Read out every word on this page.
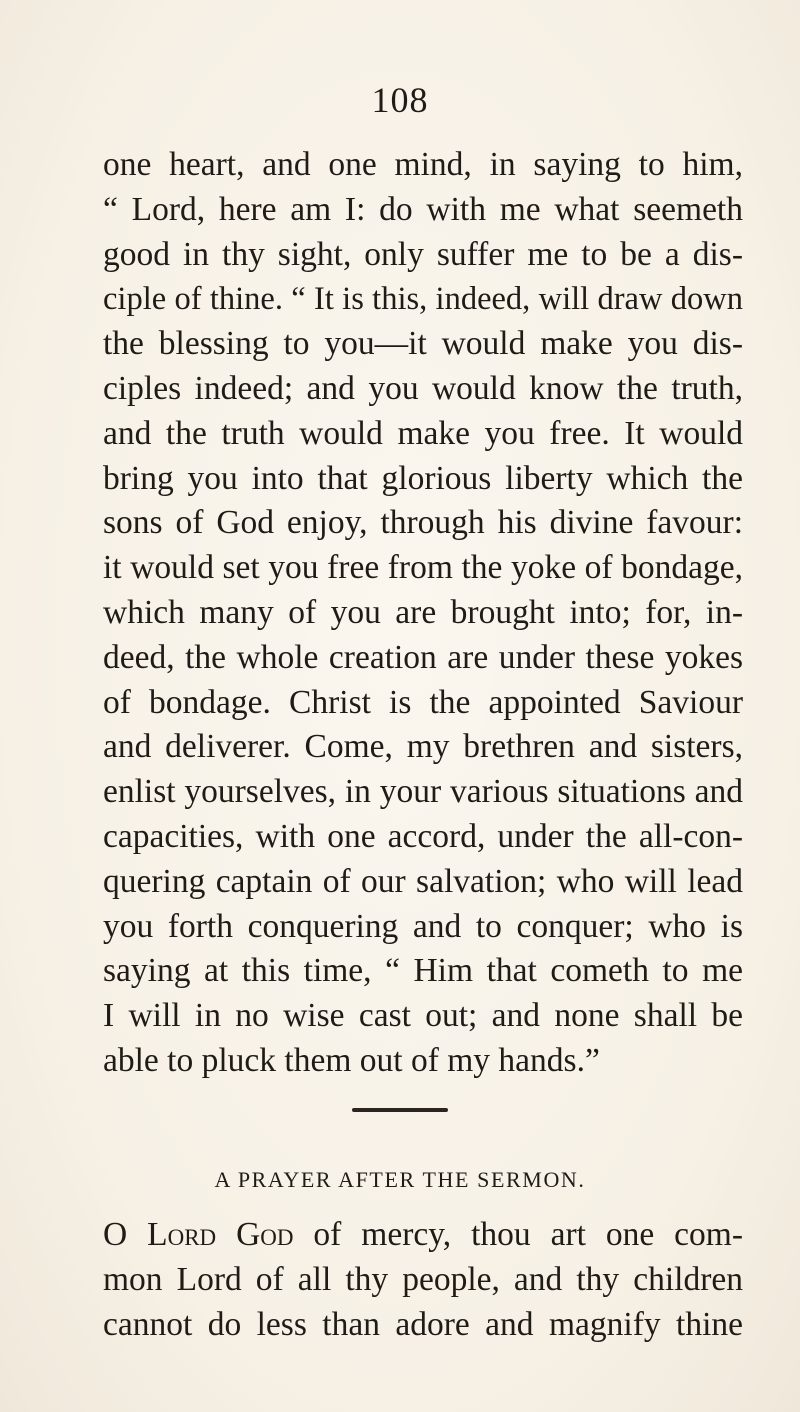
108
one heart, and one mind, in saying to him,
“ Lord, here am I: do with me what seemeth
good in thy sight, only suffer me to be a dis-
ciple of thine. “ It is this, indeed, will draw down
the blessing to you—it would make you dis-
ciples indeed; and you would know the truth,
and the truth would make you free. It would
bring you into that glorious liberty which the
sons of God enjoy, through his divine favour:
it would set you free from the yoke of bondage,
which many of you are brought into; for, in-
deed, the whole creation are under these yokes
of bondage. Christ is the appointed Saviour
and deliverer. Come, my brethren and sisters,
enlist yourselves, in your various situations and
capacities, with one accord, under the all-con-
quering captain of our salvation; who will lead
you forth conquering and to conquer; who is
saying at this time, “ Him that cometh to me
I will in no wise cast out; and none shall be
able to pluck them out of my hands.”
A PRAYER AFTER THE SERMON.
O Lord God of mercy, thou art one com-
mon Lord of all thy people, and thy children
cannot do less than adore and magnify thine
